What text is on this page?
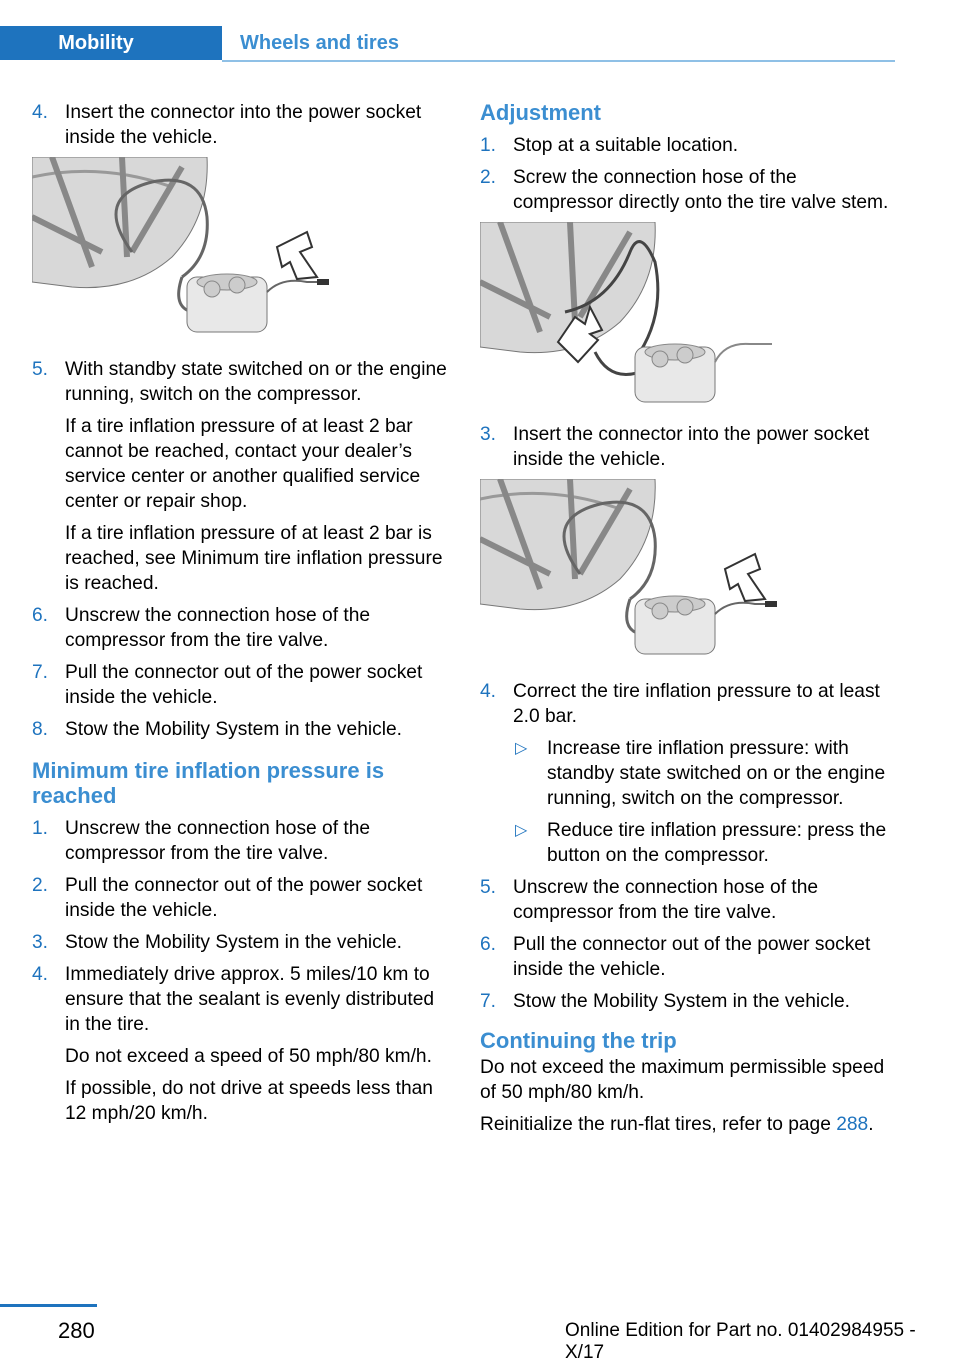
Mobility	Wheels and tires
4. Insert the connector into the power socket inside the vehicle.

5. With standby state switched on or the engine running, switch on the compressor.

If a tire inflation pressure of at least 2 bar cannot be reached, contact your dealer’s service center or another qualified service center or repair shop.

If a tire inflation pressure of at least 2 bar is reached, see Minimum tire inflation pressure is reached.

6. Unscrew the connection hose of the compressor from the tire valve.

7. Pull the connector out of the power socket inside the vehicle.

8. Stow the Mobility System in the vehicle.

Minimum tire inflation pressure is reached
1. Unscrew the connection hose of the compressor from the tire valve.

2. Pull the connector out of the power socket inside the vehicle.

3. Stow the Mobility System in the vehicle.

4. Immediately drive approx. 5 miles/10 km to ensure that the sealant is evenly distributed in the tire.

Do not exceed a speed of 50 mph/80 km/h.

If possible, do not drive at speeds less than 12 mph/20 km/h.

Adjustment
1. Stop at a suitable location.

2. Screw the connection hose of the compressor directly onto the tire valve stem.

3. Insert the connector into the power socket inside the vehicle.

4. Correct the tire inflation pressure to at least 2.0 bar.

▷ Increase tire inflation pressure: with standby state switched on or the engine running, switch on the compressor.
▷ Reduce tire inflation pressure: press the button on the compressor.
5. Unscrew the connection hose of the compressor from the tire valve.

6. Pull the connector out of the power socket inside the vehicle.

7. Stow the Mobility System in the vehicle.

Continuing the trip

Do not exceed the maximum permissible speed of 50 mph/80 km/h.

Reinitialize the run-flat tires, refer to page 288.

280	Online Edition for Part no. 01402984955 - X/17
